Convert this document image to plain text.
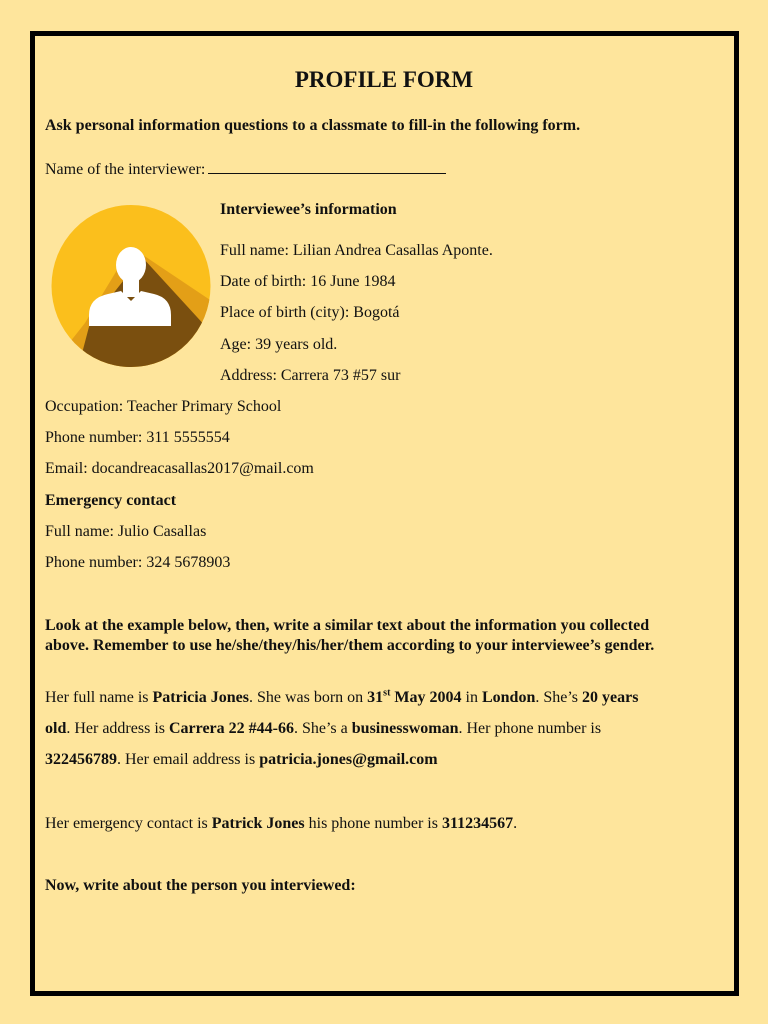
PROFILE FORM
Ask personal information questions to a classmate to fill-in the following form.
Name of the interviewer:
Interviewee’s information
Full name: Lilian Andrea Casallas Aponte.
Date of birth: 16 June 1984
Place of birth (city): Bogotá
Age: 39 years old.
Address: Carrera 73 #57 sur
Occupation: Teacher Primary School
Phone number: 311 5555554
Email: docandreacasallas2017@mail.com
Emergency contact
Full name: Julio Casallas
Phone number: 324 5678903
Look at the example below, then, write a similar text about the information you collected
above. Remember to use he/she/they/his/her/them according to your interviewee’s gender.
Her full name is Patricia Jones. She was born on 31st May 2004 in London. She’s 20 years
old. Her address is Carrera 22 #44-66. She’s a businesswoman. Her phone number is
322456789. Her email address is patricia.jones@gmail.com
Her emergency contact is Patrick Jones his phone number is 311234567.
Now, write about the person you interviewed:
